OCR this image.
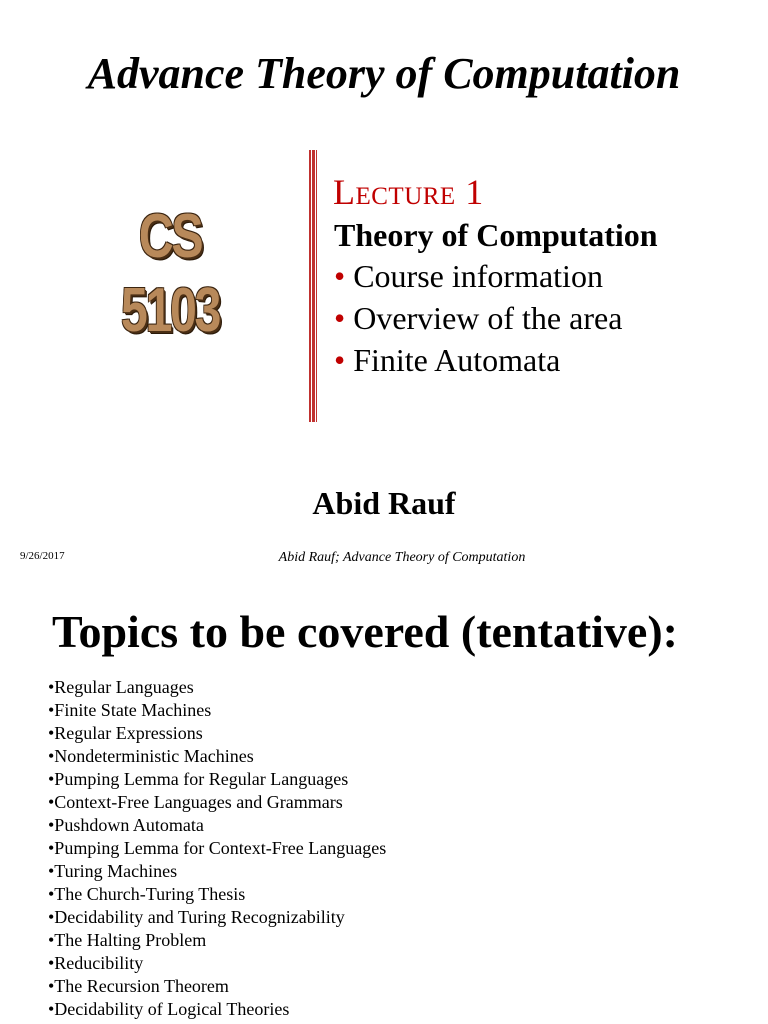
Advance Theory of Computation
CS
5103
Lecture 1
Theory of Computation
• Course information
• Overview of the area
• Finite Automata
Abid Rauf
9/26/2017	Abid Rauf; Advance Theory of Computation
Topics to be covered (tentative):
•Regular Languages
•Finite State Machines
•Regular Expressions
•Nondeterministic Machines
•Pumping Lemma for Regular Languages
•Context-Free Languages and Grammars
•Pushdown Automata
•Pumping Lemma for Context-Free Languages
•Turing Machines
•The Church-Turing Thesis
•Decidability and Turing Recognizability
•The Halting Problem
•Reducibility
•The Recursion Theorem
•Decidability of Logical Theories
